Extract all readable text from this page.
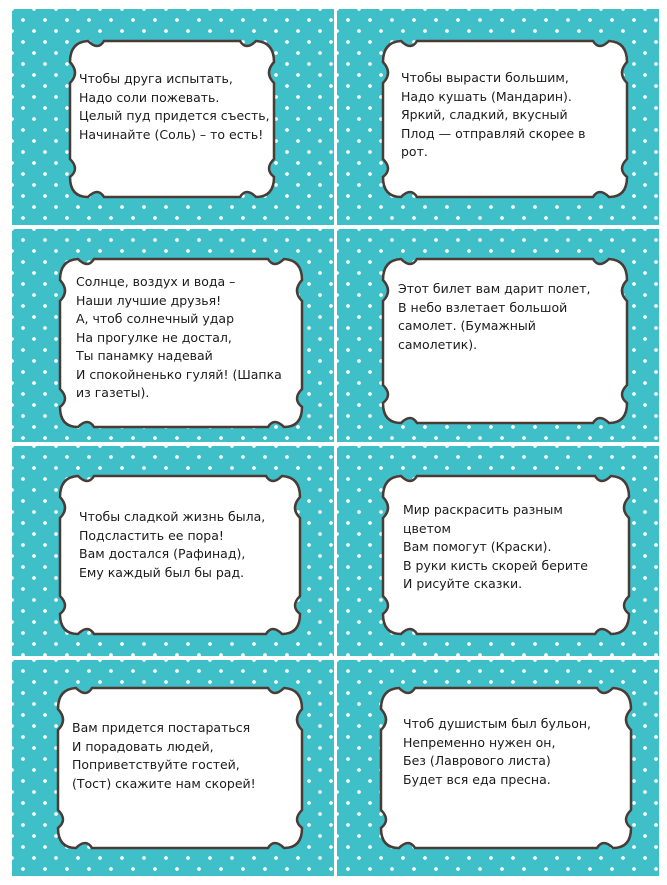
Чтобы друга испытать,
Надо соли пожевать.
Целый пуд придется съесть,
Начинайте (Соль) – то есть!
Чтобы вырасти большим,
Надо кушать (Мандарин).
Яркий, сладкий, вкусный
Плод — отправляй скорее в
рот.
Солнце, воздух и вода –
Наши лучшие друзья!
А, чтоб солнечный удар
На прогулке не достал,
Ты панамку надевай
И спокойненько гуляй! (Шапка
из газеты).
Этот билет вам дарит полет,
В небо взлетает большой
самолет. (Бумажный
самолетик).
Чтобы сладкой жизнь была,
Подсластить ее пора!
Вам достался (Рафинад),
Ему каждый был бы рад.
Мир раскрасить разным
цветом
Вам помогут (Краски).
В руки кисть скорей берите
И рисуйте сказки.
Вам придется постараться
И порадовать людей,
Поприветствуйте гостей,
(Тост) скажите нам скорей!
Чтоб душистым был бульон,
Непременно нужен он,
Без (Лаврового листа)
Будет вся еда пресна.
